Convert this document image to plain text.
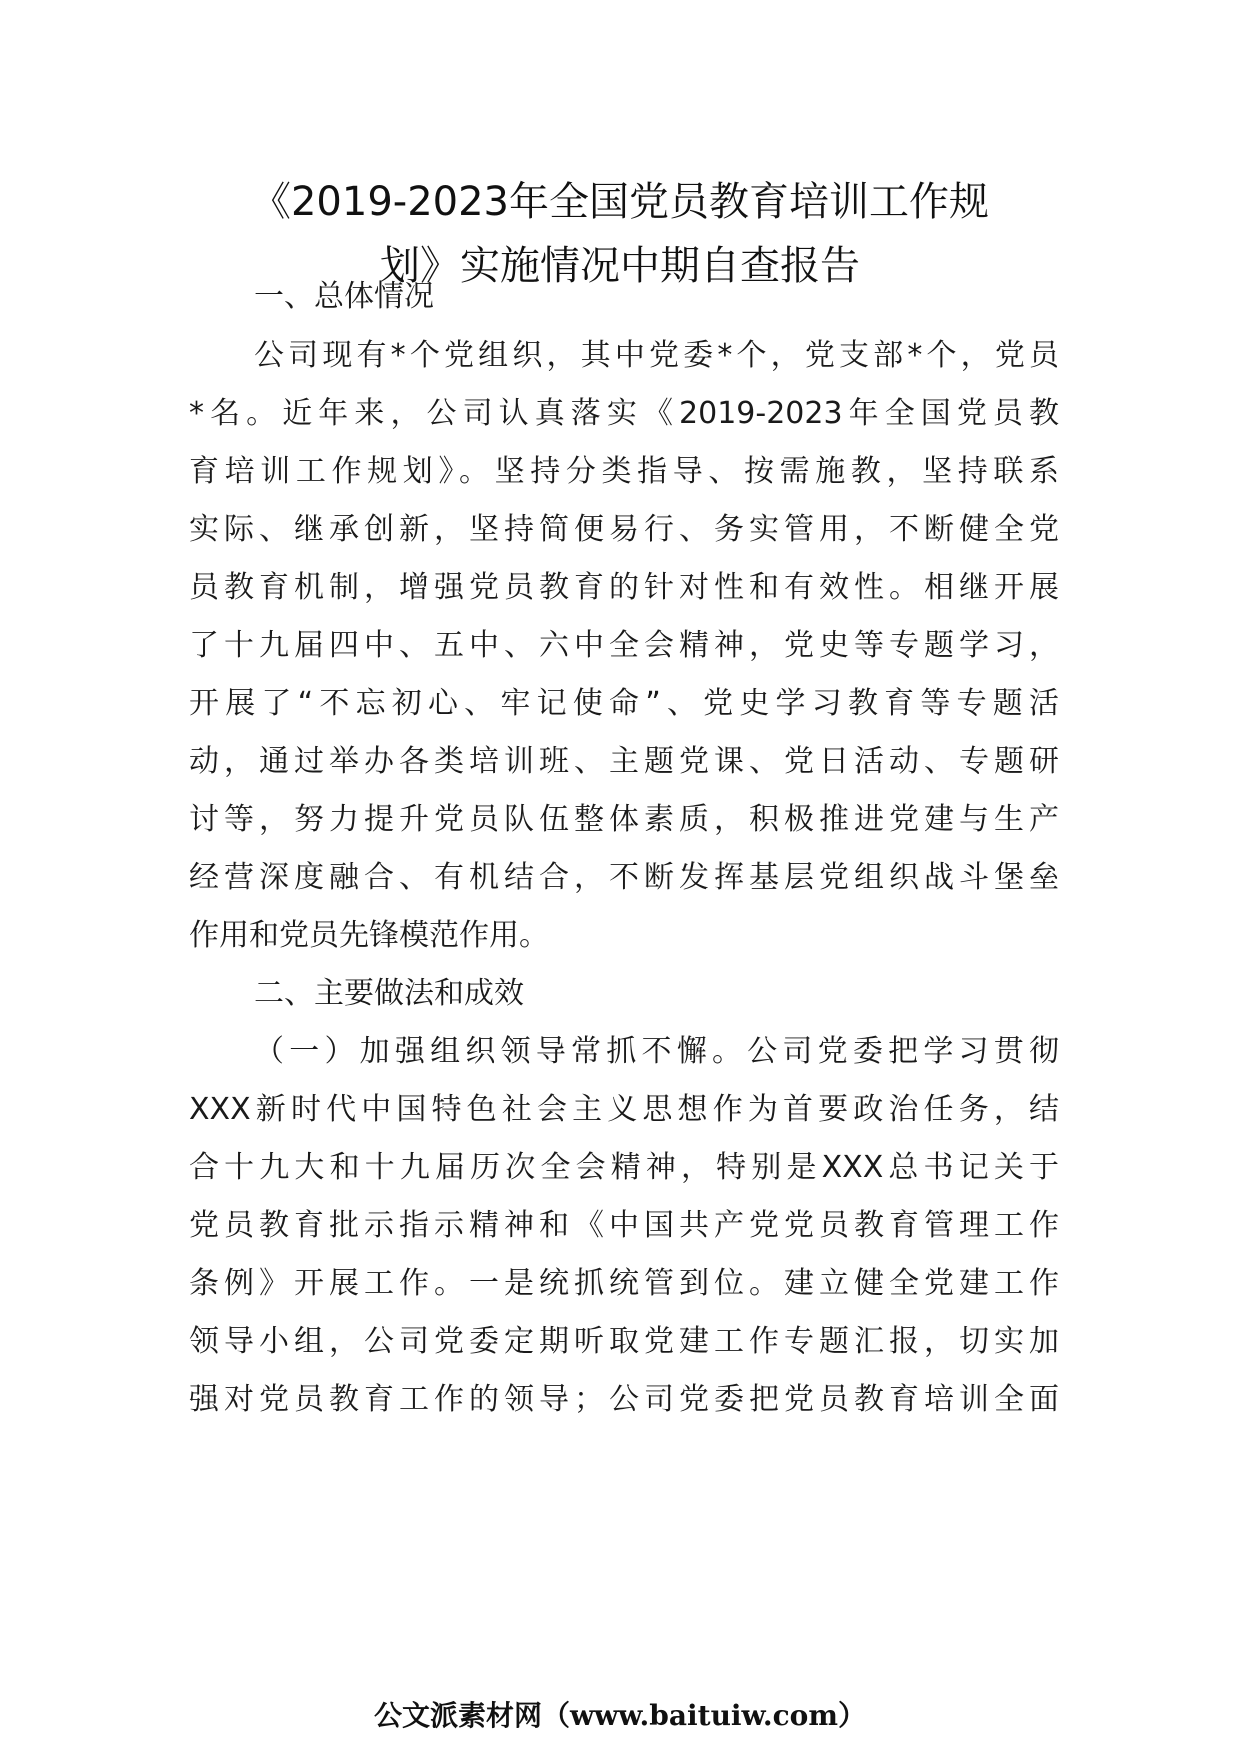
《2019-2023年全国党员教育培训工作规
划》实施情况中期自查报告
一、总体情况
公司现有*个党组织，其中党委*个，党支部*个，党员
*名。近年来，公司认真落实《2019-2023年全国党员教
育培训工作规划》。坚持分类指导、按需施教，坚持联系
实际、继承创新，坚持简便易行、务实管用，不断健全党
员教育机制，增强党员教育的针对性和有效性。相继开展
了十九届四中、五中、六中全会精神，党史等专题学习，
开展了“不忘初心、牢记使命”、党史学习教育等专题活
动，通过举办各类培训班、主题党课、党日活动、专题研
讨等，努力提升党员队伍整体素质，积极推进党建与生产
经营深度融合、有机结合，不断发挥基层党组织战斗堡垒
作用和党员先锋模范作用。
二、主要做法和成效
（一）加强组织领导常抓不懈。公司党委把学习贯彻
XXX新时代中国特色社会主义思想作为首要政治任务，结
合十九大和十九届历次全会精神，特别是XXX总书记关于
党员教育批示指示精神和《中国共产党党员教育管理工作
条例》开展工作。一是统抓统管到位。建立健全党建工作
领导小组，公司党委定期听取党建工作专题汇报，切实加
强对党员教育工作的领导；公司党委把党员教育培训全面
公文派素材网（www.baituiw.com）
